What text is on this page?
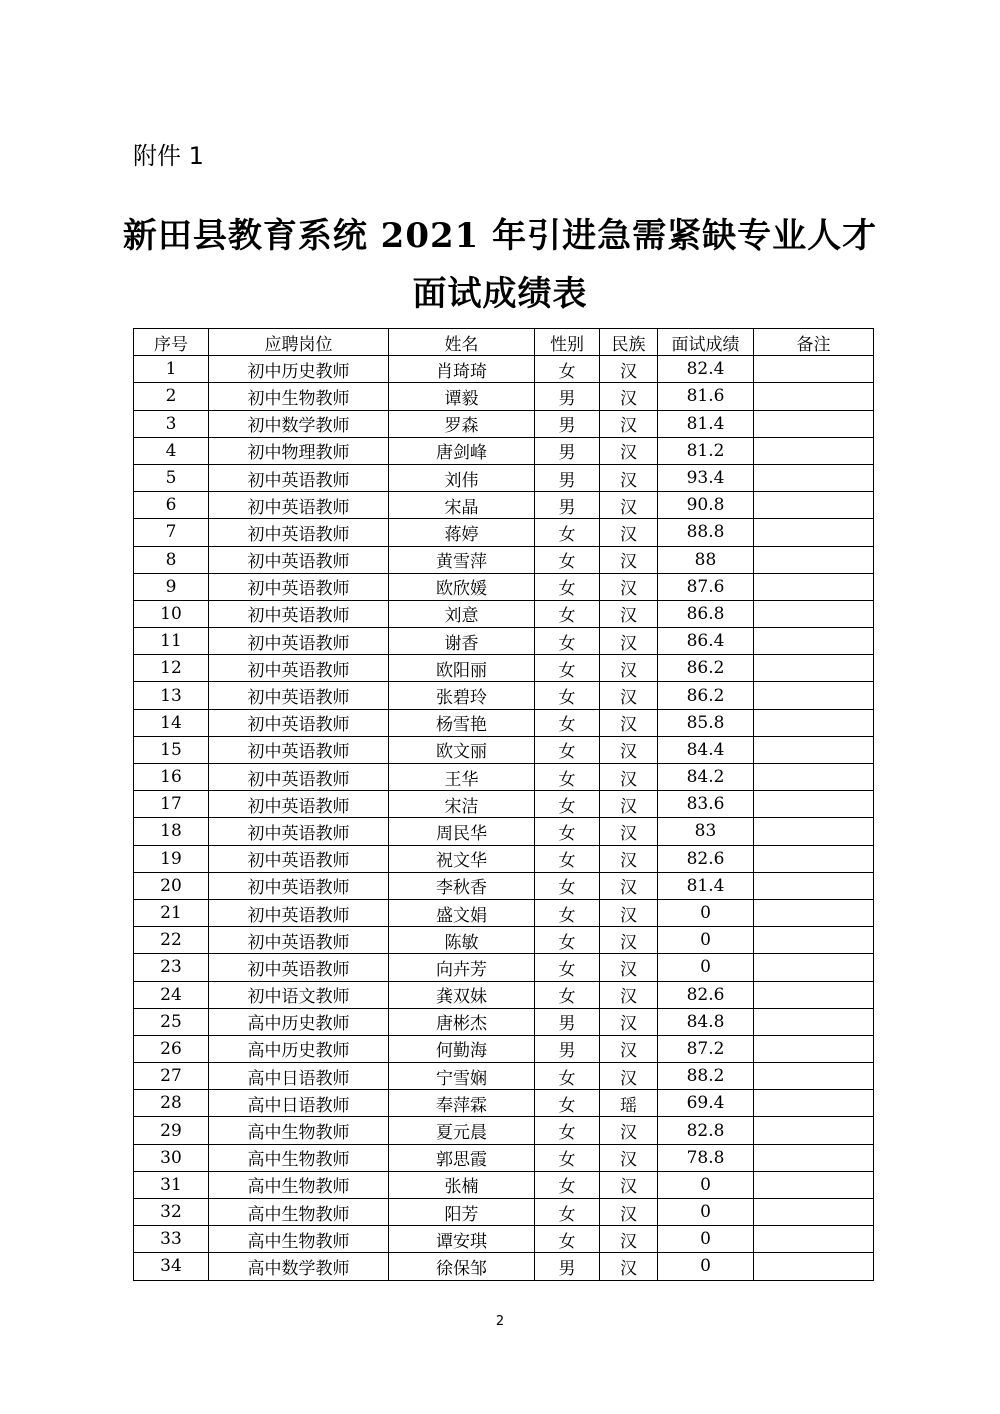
附件 1
新田县教育系统 2021 年引进急需紧缺专业人才
面试成绩表
序号	应聘岗位	姓名	性别	民族	面试成绩	备注
1	初中历史教师	肖琦琦	女	汉	82.4	
2	初中生物教师	谭毅	男	汉	81.6	
3	初中数学教师	罗森	男	汉	81.4	
4	初中物理教师	唐剑峰	男	汉	81.2	
5	初中英语教师	刘伟	男	汉	93.4	
6	初中英语教师	宋晶	男	汉	90.8	
7	初中英语教师	蒋婷	女	汉	88.8	
8	初中英语教师	黄雪萍	女	汉	88	
9	初中英语教师	欧欣媛	女	汉	87.6	
10	初中英语教师	刘意	女	汉	86.8	
11	初中英语教师	谢香	女	汉	86.4	
12	初中英语教师	欧阳丽	女	汉	86.2	
13	初中英语教师	张碧玲	女	汉	86.2	
14	初中英语教师	杨雪艳	女	汉	85.8	
15	初中英语教师	欧文丽	女	汉	84.4	
16	初中英语教师	王华	女	汉	84.2	
17	初中英语教师	宋洁	女	汉	83.6	
18	初中英语教师	周民华	女	汉	83	
19	初中英语教师	祝文华	女	汉	82.6	
20	初中英语教师	李秋香	女	汉	81.4	
21	初中英语教师	盛文娟	女	汉	0	
22	初中英语教师	陈敏	女	汉	0	
23	初中英语教师	向卉芳	女	汉	0	
24	初中语文教师	龚双妹	女	汉	82.6	
25	高中历史教师	唐彬杰	男	汉	84.8	
26	高中历史教师	何勤海	男	汉	87.2	
27	高中日语教师	宁雪娴	女	汉	88.2	
28	高中日语教师	奉萍霖	女	瑶	69.4	
29	高中生物教师	夏元晨	女	汉	82.8	
30	高中生物教师	郭思霞	女	汉	78.8	
31	高中生物教师	张楠	女	汉	0	
32	高中生物教师	阳芳	女	汉	0	
33	高中生物教师	谭安琪	女	汉	0	
34	高中数学教师	徐保邹	男	汉	0	
2
